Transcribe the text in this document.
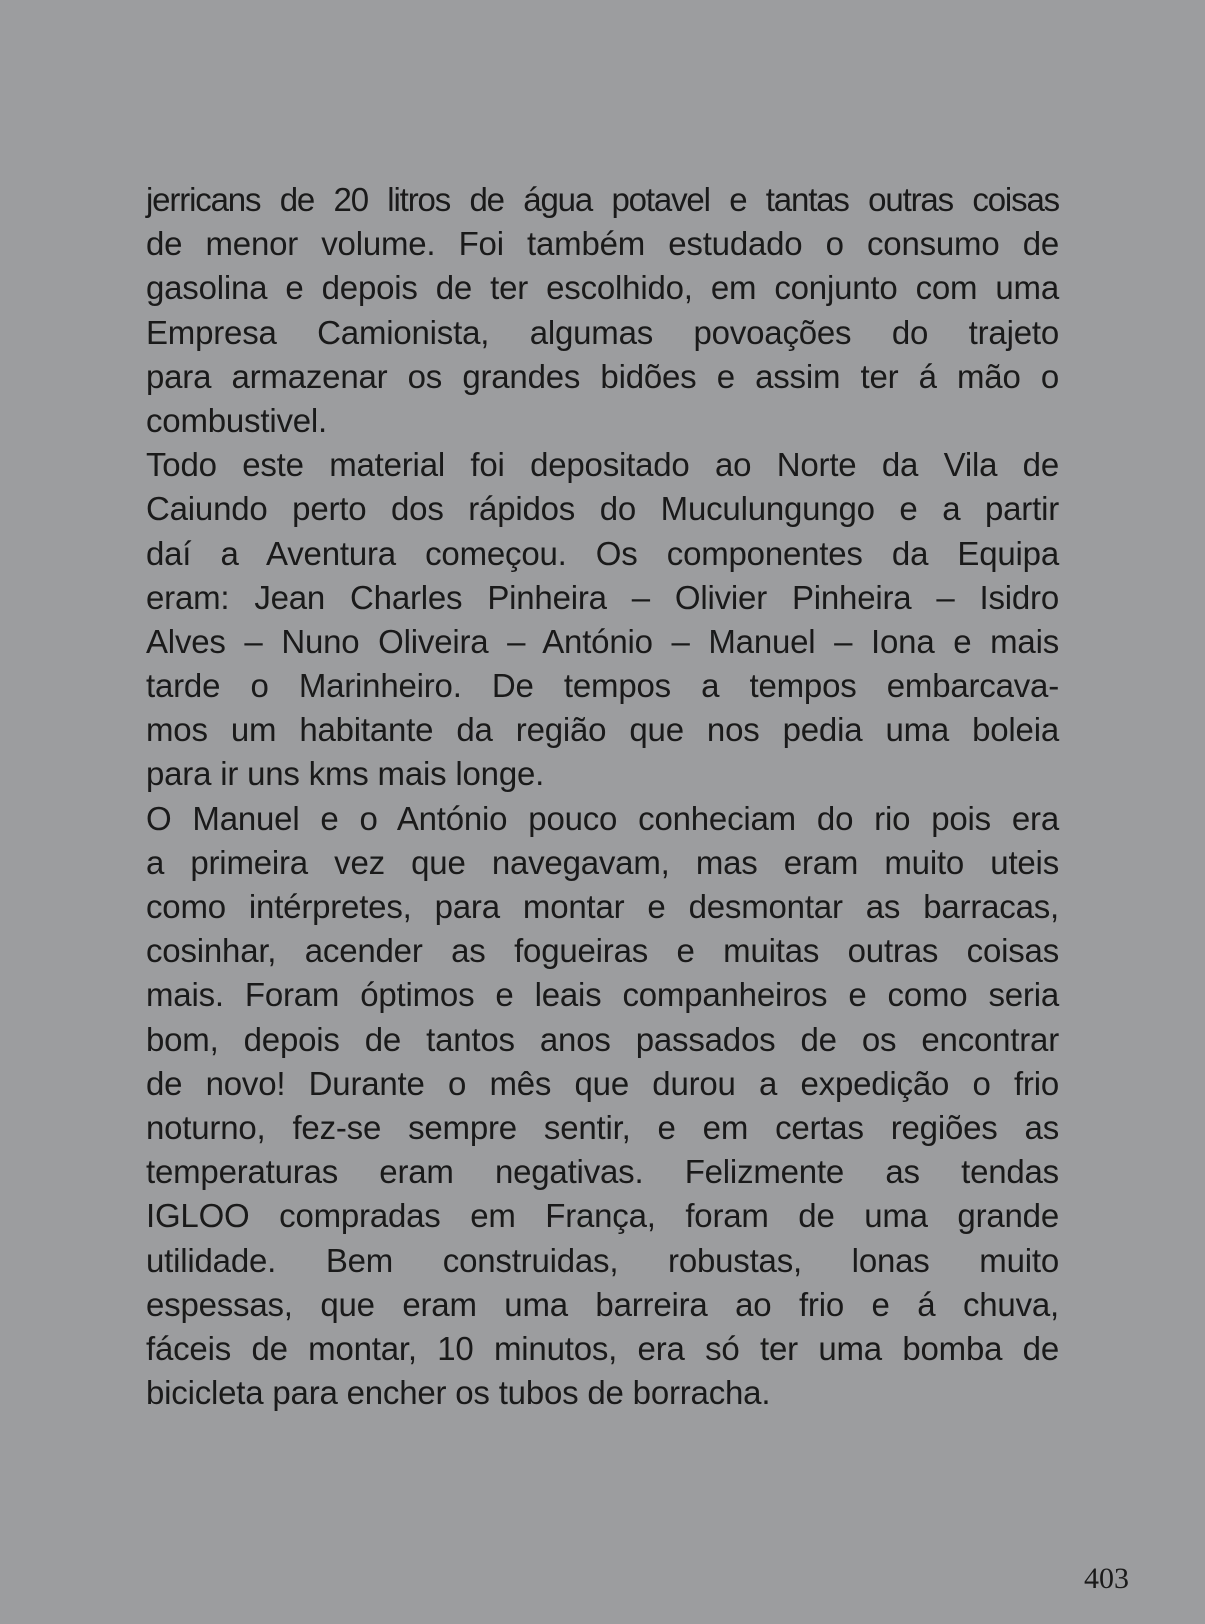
jerricans de 20 litros de água potavel e tantas outras coisas
de menor volume. Foi também estudado o consumo de
gasolina e depois de ter escolhido, em conjunto com uma
Empresa Camionista, algumas povoações do trajeto
para armazenar os grandes bidões e assim ter á mão o
combustivel.
Todo este material foi depositado ao Norte da Vila de
Caiundo perto dos rápidos do Muculungungo e a partir
daí a Aventura começou. Os componentes da Equipa
eram: Jean Charles Pinheira – Olivier Pinheira – Isidro
Alves – Nuno Oliveira – António – Manuel – Iona e mais
tarde o Marinheiro. De tempos a tempos embarcava-
mos um habitante da região que nos pedia uma boleia
para ir uns kms mais longe.
O Manuel e o António pouco conheciam do rio pois era
a primeira vez que navegavam, mas eram muito uteis
como intérpretes, para montar e desmontar as barracas,
cosinhar, acender as fogueiras e muitas outras coisas
mais. Foram óptimos e leais companheiros e como seria
bom, depois de tantos anos passados de os encontrar
de novo! Durante o mês que durou a expedição o frio
noturno, fez-se sempre sentir, e em certas regiões as
temperaturas eram negativas. Felizmente as tendas
IGLOO compradas em França, foram de uma grande
utilidade. Bem construidas, robustas, lonas muito
espessas, que eram uma barreira ao frio e á chuva,
fáceis de montar, 10 minutos, era só ter uma bomba de
bicicleta para encher os tubos de borracha.
403
